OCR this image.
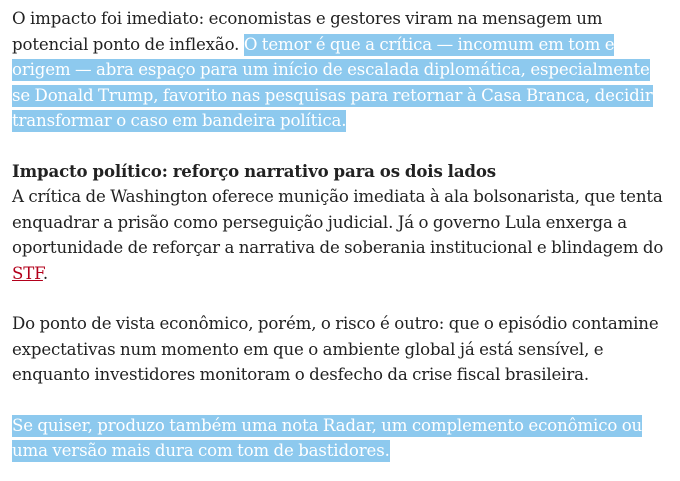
O impacto foi imediato: economistas e gestores viram na mensagem um potencial ponto de inflexão. O temor é que a crítica — incomum em tom e origem — abra espaço para um início de escalada diplomática, especialmente se Donald Trump, favorito nas pesquisas para retornar à Casa Branca, decidir transformar o caso em bandeira política.

Impacto político: reforço narrativo para os dois lados

A crítica de Washington oferece munição imediata à ala bolsonarista, que tenta enquadrar a prisão como perseguição judicial. Já o governo Lula enxerga a oportunidade de reforçar a narrativa de soberania institucional e blindagem do STF.

Do ponto de vista econômico, porém, o risco é outro: que o episódio contamine expectativas num momento em que o ambiente global já está sensível, e enquanto investidores monitoram o desfecho da crise fiscal brasileira.

Se quiser, produzo também uma nota Radar, um complemento econômico ou uma versão mais dura com tom de bastidores.
